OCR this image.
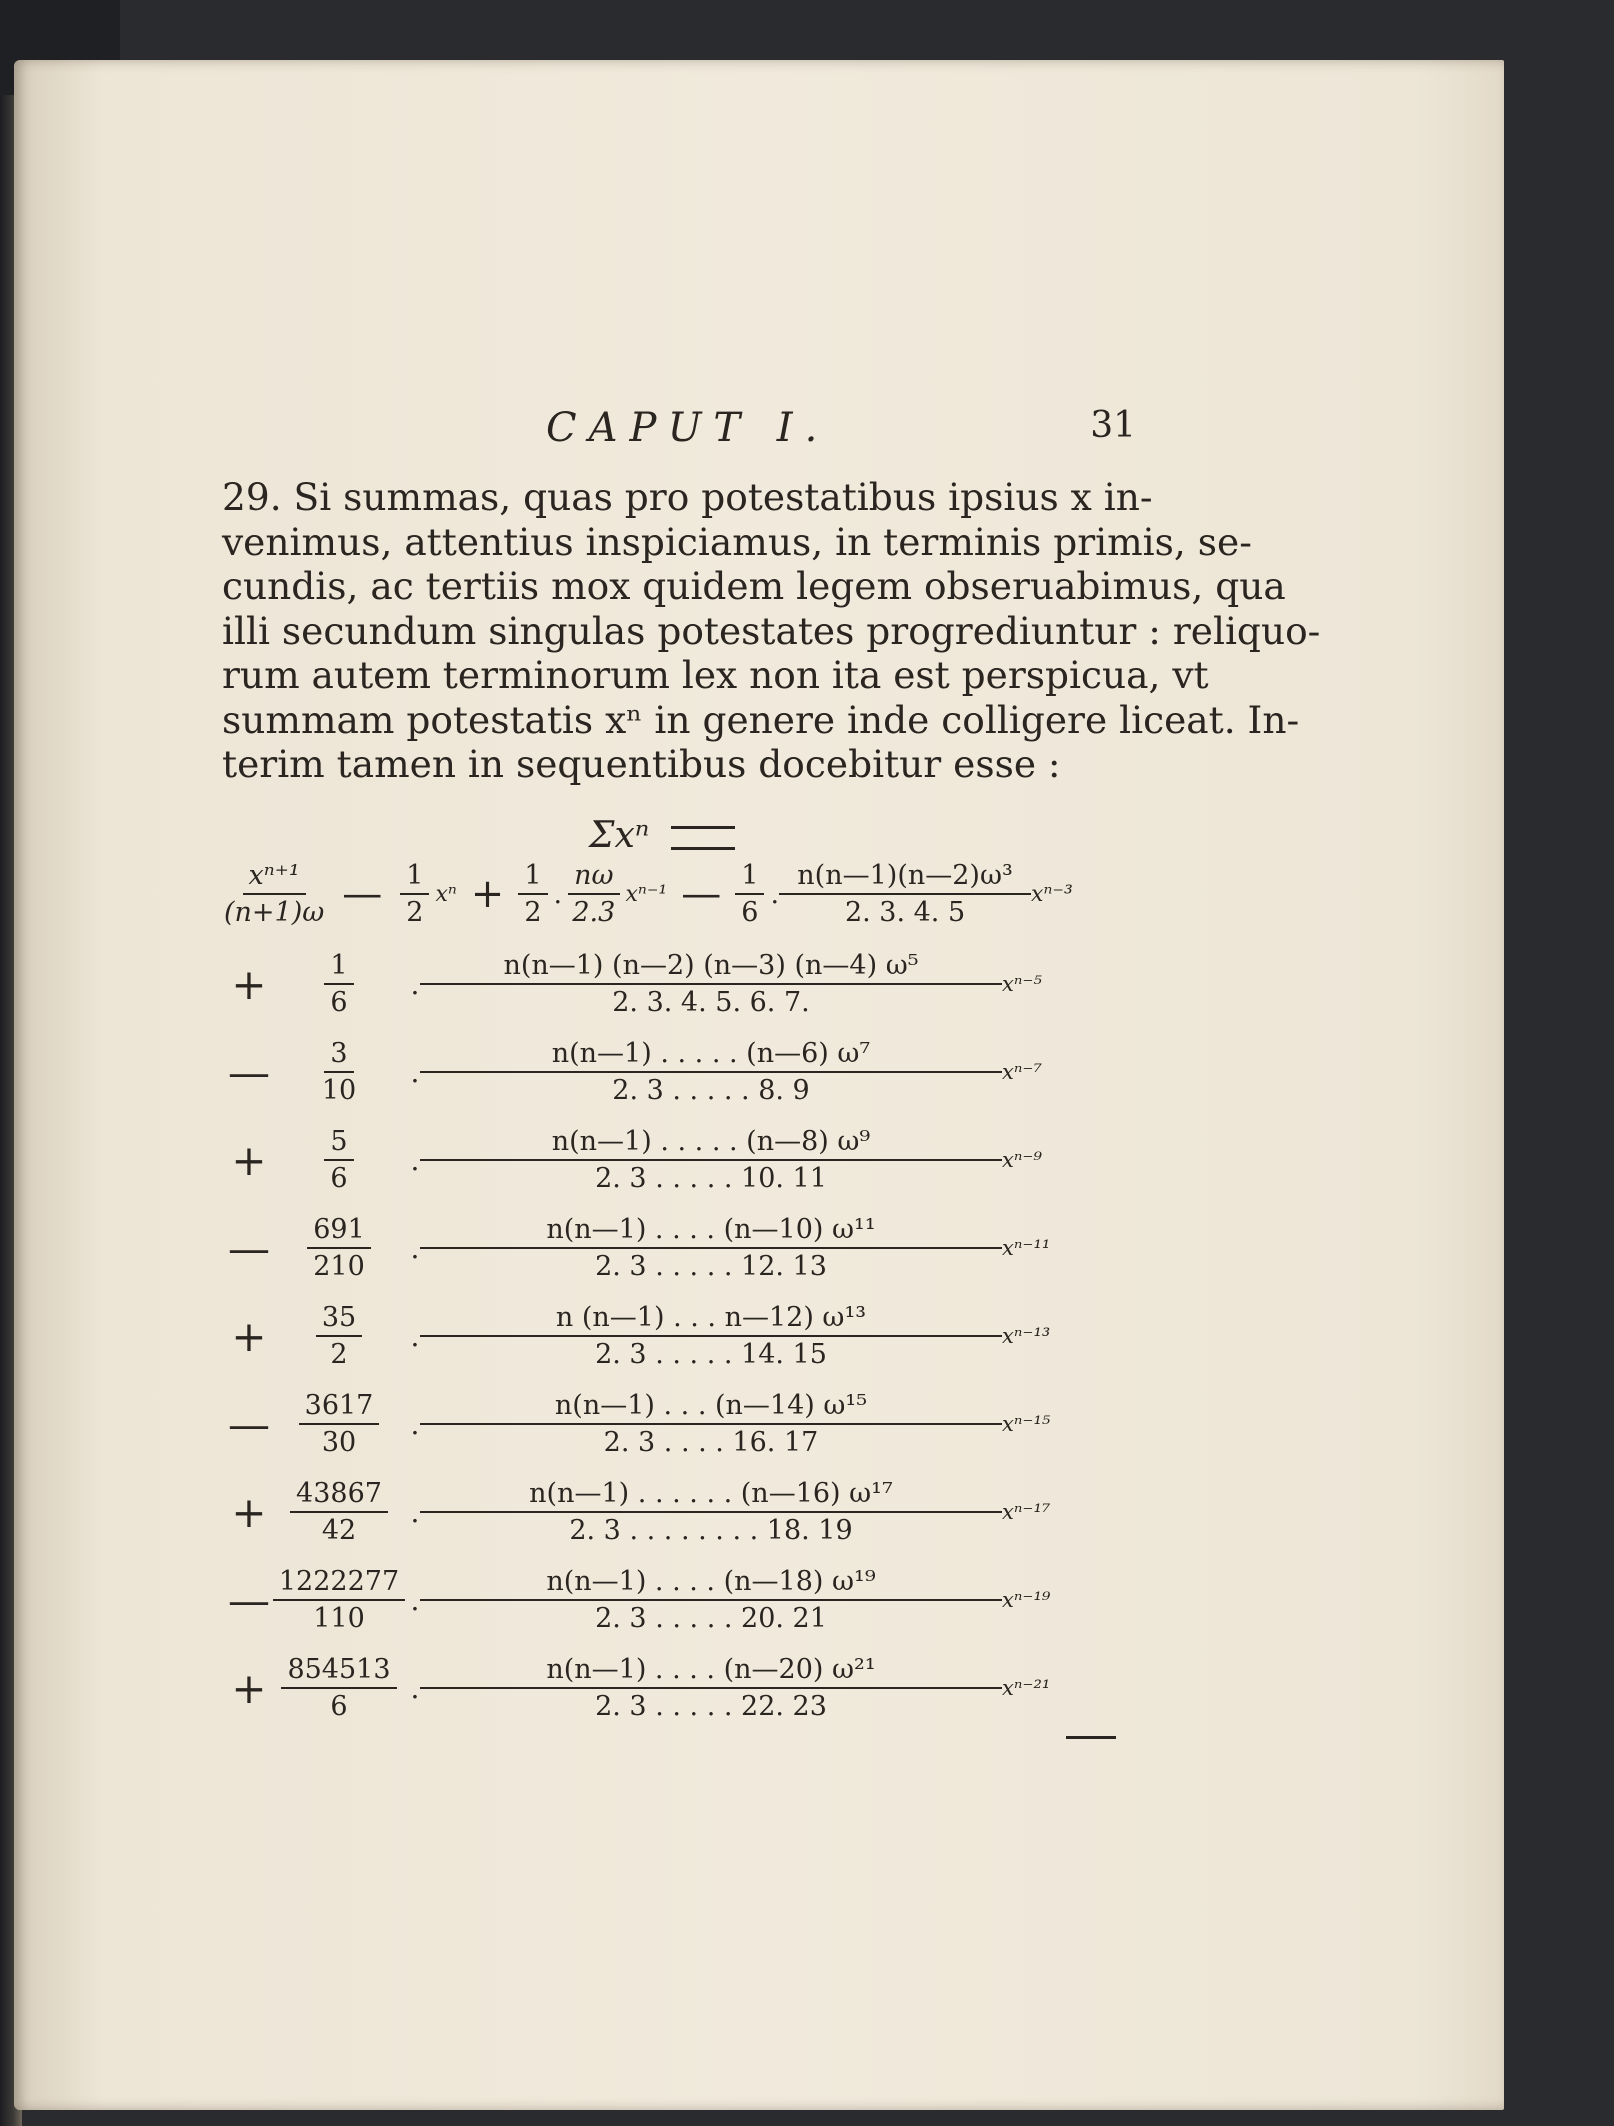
CAPUT I.	31
29. Si summas, quas pro potestatibus ipsius x in-
venimus, attentius inspiciamus, in terminis primis, se-
cundis, ac tertiis mox quidem legem obseruabimus, qua
illi secundum singulas potestates progrediuntur : reliquo-
rum autem terminorum lex non ita est perspicua, vt
summam potestatis xⁿ in genere inde colligere liceat. In-
terim tamen in sequentibus docebitur esse :
Σxⁿ
$\frac{\text{xⁿ⁺¹}}{(n+1)\omega}$ — $\frac{1}{2}$ $x^n + \frac{1}{2}$ . $\frac{n\omega}{2.3} x^{n-1}$ — $\frac{1}{6}$ . $\frac{\text{n(n—1)(n—2)ω³}}{2. 3. 4. 5} x^{n-3}$
+ $\frac{1}{6}$ . $\frac{\text{n(n—1) (n—2) (n—3) (n—4) ω⁵}}{2. 3. 4. 5. 6. 7.} x^{n-5}$
— $\frac{3}{10}$ . $\frac{\text{n(n—1) . . . . . (n—6) ω⁷}}{2. 3 . . . . . 8. 9} x^{n-7}$
+ $\frac{5}{6}$ . $\frac{\text{n(n—1) . . . . . (n—8) ω⁹}}{2. 3 . . . . . 10. 11} x^{n-9}$
— $\frac{691}{210}$ . $\frac{\text{n(n—1) . . . . (n—10) ω¹¹}}{2. 3 . . . . . 12. 13} x^{n-11}$
+ $\frac{35}{2}$ . $\frac{\text{n (n—1) . . . n—12) ω¹³}}{2. 3 . . . . . 14. 15} x^{n-13}$
— $\frac{3617}{30}$ . $\frac{\text{n(n—1) . . . (n—14) ω¹⁵}}{2. 3 . . . . 16. 17} x^{n-15}$
+ $\frac{43867}{42}$ . $\frac{\text{n(n—1) . . . . . . (n—16) ω¹⁷}}{2. 3 . . . . . . . . 18. 19} x^{n-17}$
— $\frac{1222277}{110}$ . $\frac{\text{n(n—1) . . . . (n—18) ω¹⁹}}{2. 3 . . . . . 20. 21} x^{n-19}$
+ $\frac{854513}{6}$ . $\frac{\text{n(n—1) . . . . (n—20) ω²¹}}{2. 3 . . . . . 22. 23} x^{n-21}$
